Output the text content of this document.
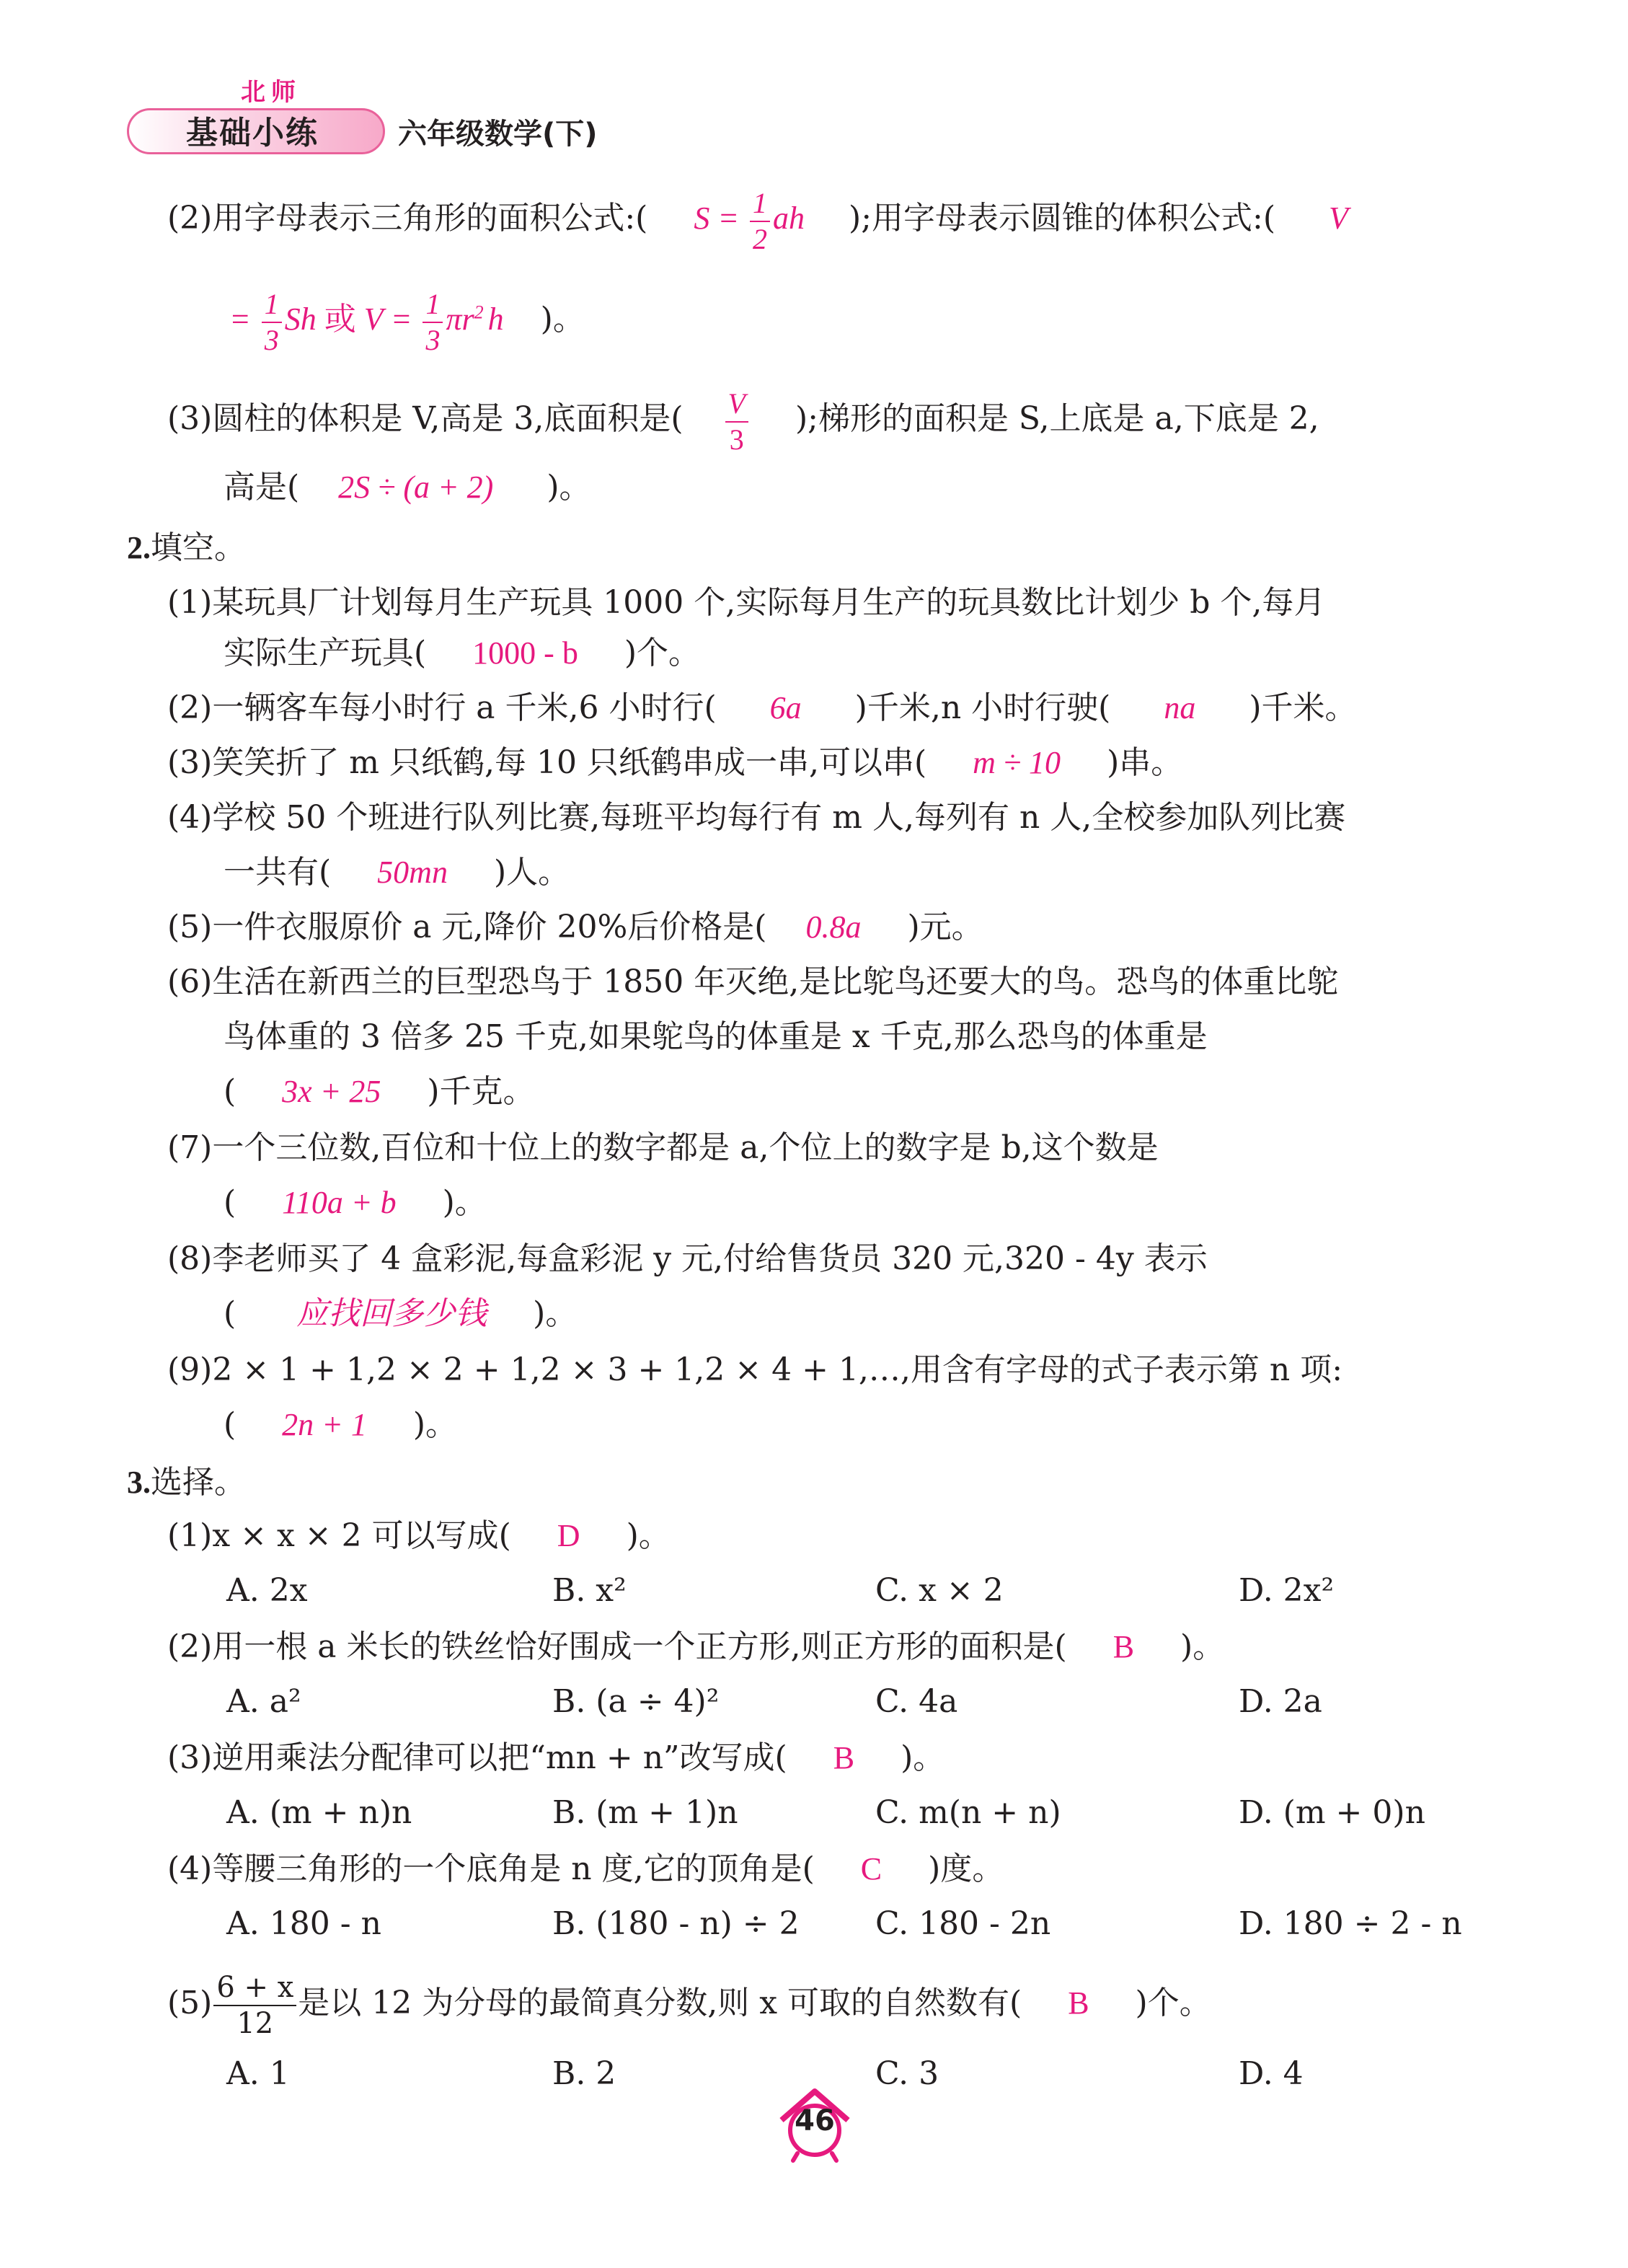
北师
基础小练	六年级数学(下)
(2)用字母表示三角形的面积公式:( $S = \frac{1}{2}$ ah );用字母表示圆锥的体积公式:( V
= $\frac{1}{3}$ Sh 或 $V = \frac{1}{3} \pi r^2$ h )。
(3)圆柱的体积是 V,高是 3,底面积是( $\frac{V}{3}$ );梯形的面积是 S,上底是 a,下底是 2,
高是( 2S ÷ (a + 2) )。
2.填空。
(1)某玩具厂计划每月生产玩具 1000 个,实际每月生产的玩具数比计划少 b 个,每月
实际生产玩具( 1000 - b )个。
(2)一辆客车每小时行 a 千米,6 小时行( 6a )千米,n 小时行驶( na )千米。
(3)笑笑折了 m 只纸鹤,每 10 只纸鹤串成一串,可以串( m ÷ 10 )串。
(4)学校 50 个班进行队列比赛,每班平均每行有 m 人,每列有 n 人,全校参加队列比赛
一共有( 50mn )人。
(5)一件衣服原价 a 元,降价 20%后价格是( 0.8a )元。
(6)生活在新西兰的巨型恐鸟于 1850 年灭绝,是比鸵鸟还要大的鸟。恐鸟的体重比鸵
鸟体重的 3 倍多 25 千克,如果鸵鸟的体重是 x 千克,那么恐鸟的体重是
( 3x + 25 )千克。
(7)一个三位数,百位和十位上的数字都是 a,个位上的数字是 b,这个数是
( 110a + b )。
(8)李老师买了 4 盒彩泥,每盒彩泥 y 元,付给售货员 320 元,320 - 4y 表示
( 应找回多少钱 )。
(9)2 × 1 + 1,2 × 2 + 1,2 × 3 + 1,2 × 4 + 1,…,用含有字母的式子表示第 n 项:
( 2n + 1 )。
3.选择。
(1)x × x × 2 可以写成( D )。
A. 2x	B. x²	C. x × 2	D. 2x²
(2)用一根 a 米长的铁丝恰好围成一个正方形,则正方形的面积是( B )。
A. a²	B. (a ÷ 4)²	C. 4a	D. 2a
(3)逆用乘法分配律可以把“mn + n”改写成( B )。
A. (m + n)n	B. (m + 1)n	C. m(n + n)	D. (m + 0)n
(4)等腰三角形的一个底角是 n 度,它的顶角是( C )度。
A. 180 - n	B. (180 - n) ÷ 2 C. 180 - 2n	D. 180 ÷ 2 - n
$(5) \frac{6 + x}{12}$ 是以 12 为分母的最简真分数,则 x 可取的自然数有( B )个。
A. 1	B. 2	C. 3	D. 4
46
